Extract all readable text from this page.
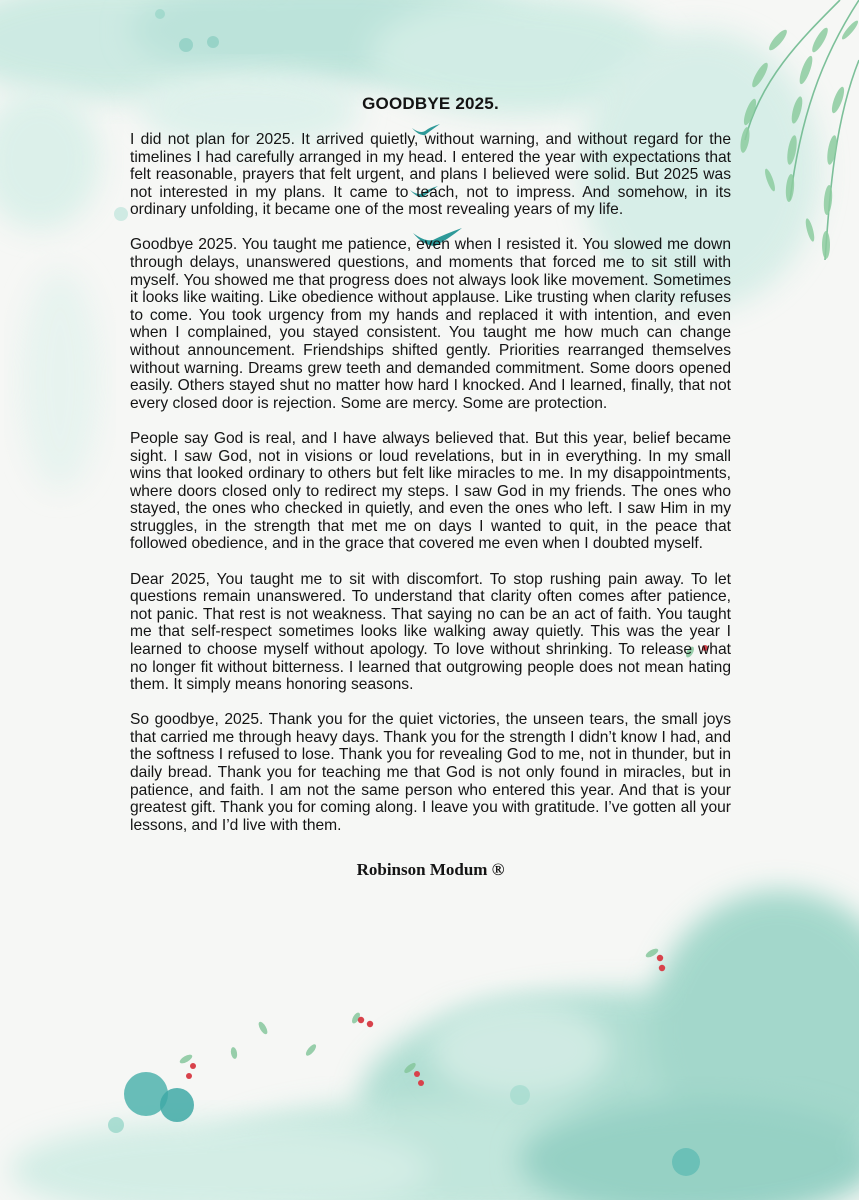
GOODBYE 2025.

I did not plan for 2025. It arrived quietly, without warning, and without regard for the timelines I had carefully arranged in my head. I entered the year with expectations that felt reasonable, prayers that felt urgent, and plans I believed were solid. But 2025 was not interested in my plans. It came to teach, not to impress. And somehow, in its ordinary unfolding, it became one of the most revealing years of my life.

Goodbye 2025. You taught me patience, even when I resisted it. You slowed me down through delays, unanswered questions, and moments that forced me to sit still with myself. You showed me that progress does not always look like movement. Sometimes it looks like waiting. Like obedience without applause. Like trusting when clarity refuses to come. You took urgency from my hands and replaced it with intention, and even when I complained, you stayed consistent. You taught me how much can change without announcement. Friendships shifted gently. Priorities rearranged themselves without warning. Dreams grew teeth and demanded commitment. Some doors opened easily. Others stayed shut no matter how hard I knocked. And I learned, finally, that not every closed door is rejection. Some are mercy. Some are protection.

People say God is real, and I have always believed that. But this year, belief became sight. I saw God, not in visions or loud revelations, but in in everything. In my small wins that looked ordinary to others but felt like miracles to me. In my disappointments, where doors closed only to redirect my steps. I saw God in my friends. The ones who stayed, the ones who checked in quietly, and even the ones who left. I saw Him in my struggles, in the strength that met me on days I wanted to quit, in the peace that followed obedience, and in the grace that covered me even when I doubted myself.

Dear 2025, You taught me to sit with discomfort. To stop rushing pain away. To let questions remain unanswered. To understand that clarity often comes after patience, not panic. That rest is not weakness. That saying no can be an act of faith. You taught me that self-respect sometimes looks like walking away quietly. This was the year I learned to choose myself without apology. To love without shrinking. To release what no longer fit without bitterness. I learned that outgrowing people does not mean hating them. It simply means honoring seasons.

So goodbye, 2025. Thank you for the quiet victories, the unseen tears, the small joys that carried me through heavy days. Thank you for the strength I didn’t know I had, and the softness I refused to lose. Thank you for revealing God to me, not in thunder, but in daily bread. Thank you for teaching me that God is not only found in miracles, but in patience, and faith. I am not the same person who entered this year. And that is your greatest gift. Thank you for coming along. I leave you with gratitude. I’ve gotten all your lessons, and I’d live with them.

Robinson Modum ®
